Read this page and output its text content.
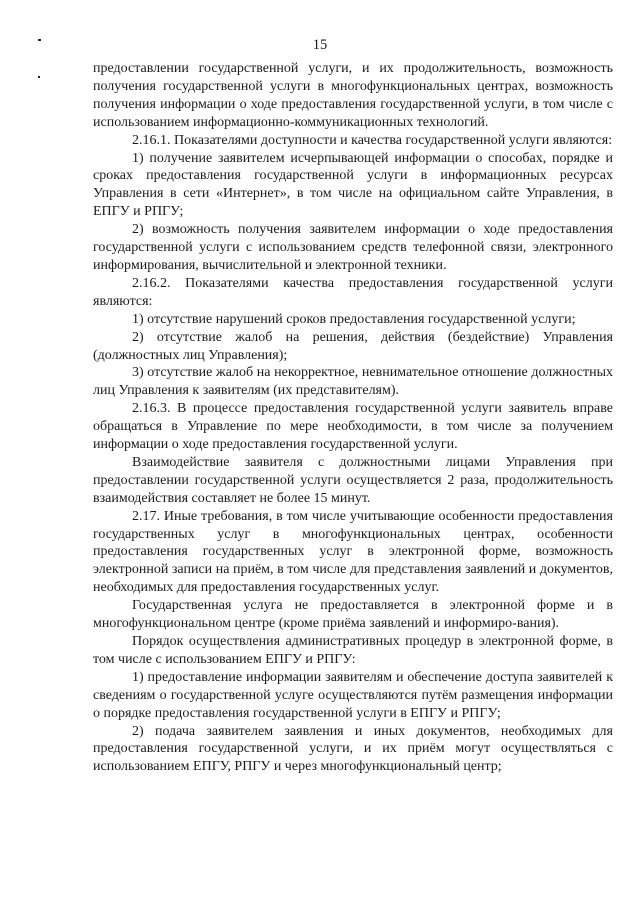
15

предоставлении государственной услуги, и их продолжительность, возможность получения государственной услуги в многофункциональных центрах, возможность получения информации о ходе предоставления государственной услуги, в том числе с использованием информационно-коммуникационных технологий.

2.16.1. Показателями доступности и качества государственной услуги являются:

1) получение заявителем исчерпывающей информации о способах, порядке и сроках предоставления государственной услуги в информационных ресурсах Управления в сети «Интернет», в том числе на официальном сайте Управления, в ЕПГУ и РПГУ;

2) возможность получения заявителем информации о ходе предоставления государственной услуги с использованием средств телефонной связи, электронного информирования, вычислительной и электронной техники.

2.16.2. Показателями качества предоставления государственной услуги являются:

1) отсутствие нарушений сроков предоставления государственной услуги;

2) отсутствие жалоб на решения, действия (бездействие) Управления (должностных лиц Управления);

3) отсутствие жалоб на некорректное, невнимательное отношение должностных лиц Управления к заявителям (их представителям).

2.16.3. В процессе предоставления государственной услуги заявитель вправе обращаться в Управление по мере необходимости, в том числе за получением информации о ходе предоставления государственной услуги.

Взаимодействие заявителя с должностными лицами Управления при предоставлении государственной услуги осуществляется 2 раза, продолжительность взаимодействия составляет не более 15 минут.

2.17. Иные требования, в том числе учитывающие особенности предоставления государственных услуг в многофункциональных центрах, особенности предоставления государственных услуг в электронной форме, возможность электронной записи на приём, в том числе для представления заявлений и документов, необходимых для предоставления государственных услуг.

Государственная услуга не предоставляется в электронной форме и в многофункциональном центре (кроме приёма заявлений и информиро-вания).

Порядок осуществления административных процедур в электронной форме, в том числе с использованием ЕПГУ и РПГУ:

1) предоставление информации заявителям и обеспечение доступа заявителей к сведениям о государственной услуге осуществляются путём размещения информации о порядке предоставления государственной услуги в ЕПГУ и РПГУ;

2) подача заявителем заявления и иных документов, необходимых для предоставления государственной услуги, и их приём могут осуществляться с использованием ЕПГУ, РПГУ и через многофункциональный центр;
